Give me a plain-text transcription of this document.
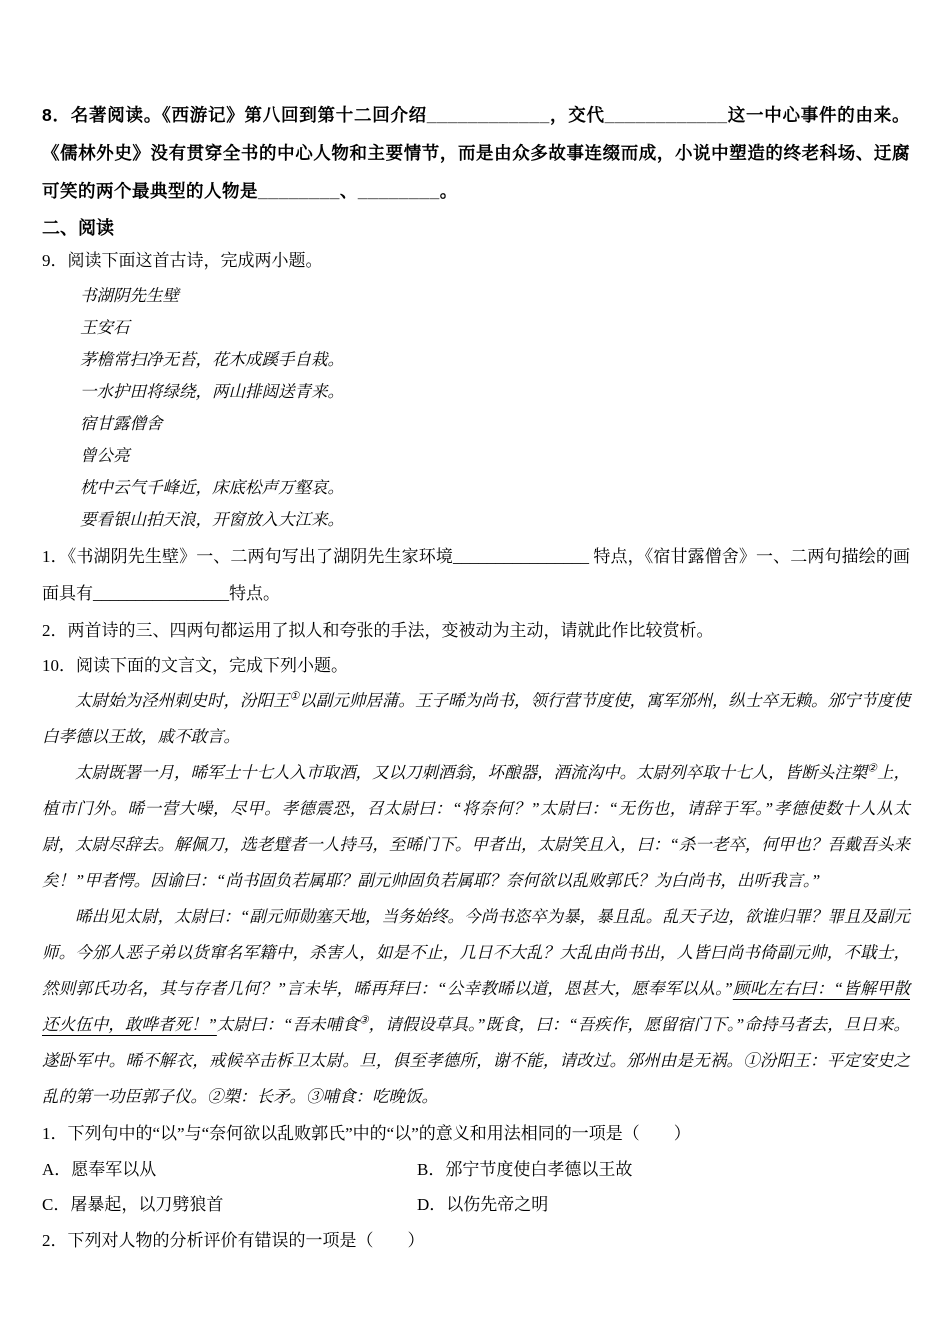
8．名著阅读。《西游记》第八回到第十二回介绍____________，交代____________这一中心事件的由来。《儒林外史》没有贯穿全书的中心人物和主要情节，而是由众多故事连缀而成，小说中塑造的终老科场、迂腐可笑的两个最典型的人物是________、________。

二、阅读

9．阅读下面这首古诗，完成两小题。

书湖阴先生壁
王安石
茅檐常扫净无苔，花木成蹊手自栽。
一水护田将绿绕，两山排闼送青来。
宿甘露僧舍
曾公亮
枕中云气千峰近，床底松声万壑哀。
要看银山拍天浪，开窗放入大江来。

1．《书湖阴先生壁》一、二两句写出了湖阴先生家环境________________ 特点，《宿甘露僧舍》一、二两句描绘的画面具有________________特点。

2．两首诗的三、四两句都运用了拟人和夸张的手法，变被动为主动，请就此作比较赏析。

10．阅读下面的文言文，完成下列小题。

太尉始为泾州刺史时，汾阳王①以副元帅居蒲。王子晞为尚书，领行营节度使，寓军邠州，纵士卒无赖。邠宁节度使白孝德以王故，戚不敢言。

太尉既署一月，晞军士十七人入市取酒，又以刀刺酒翁，坏酿器，酒流沟中。太尉列卒取十七人，皆断头注槊②上，植市门外。晞一营大噪，尽甲。孝德震恐，召太尉曰：“将奈何？”太尉曰：“无伤也，请辞于军。”孝德使数十人从太尉，太尉尽辞去。解佩刀，选老躄者一人持马，至晞门下。甲者出，太尉笑且入，曰：“杀一老卒，何甲也？吾戴吾头来矣！”甲者愕。因谕曰：“尚书固负若属耶？副元帅固负若属耶？奈何欲以乱败郭氏？为白尚书，出听我言。”

晞出见太尉，太尉曰：“副元师勋塞天地，当务始终。今尚书恣卒为暴，暴且乱。乱天子边，欲谁归罪？罪且及副元师。今邠人恶子弟以货窜名军籍中，杀害人，如是不止，几日不大乱？大乱由尚书出，人皆曰尚书倚副元帅，不戢士，然则郭氏功名，其与存者几何？”言未毕，晞再拜曰：“公幸教晞以道，恩甚大，愿奉军以从。”顾叱左右曰：“皆解甲散还火伍中，敢哗者死！”太尉曰：“吾未哺食③，请假设草具。”既食，曰：“吾疾作，愿留宿门下。”命持马者去，旦日来。遂卧军中。晞不解衣，戒候卒击柝卫太尉。旦，俱至孝德所，谢不能，请改过。邠州由是无祸。①汾阳王：平定安史之乱的第一功臣郭子仪。②槊：长矛。③哺食：吃晚饭。

1．下列句中的“以”与“奈何欲以乱败郭氏”中的“以”的意义和用法相同的一项是（　　）

A．愿奉军以从	B．邠宁节度使白孝德以王故
C．屠暴起，以刀劈狼首	D．以伤先帝之明

2．下列对人物的分析评价有错误的一项是（　　）
